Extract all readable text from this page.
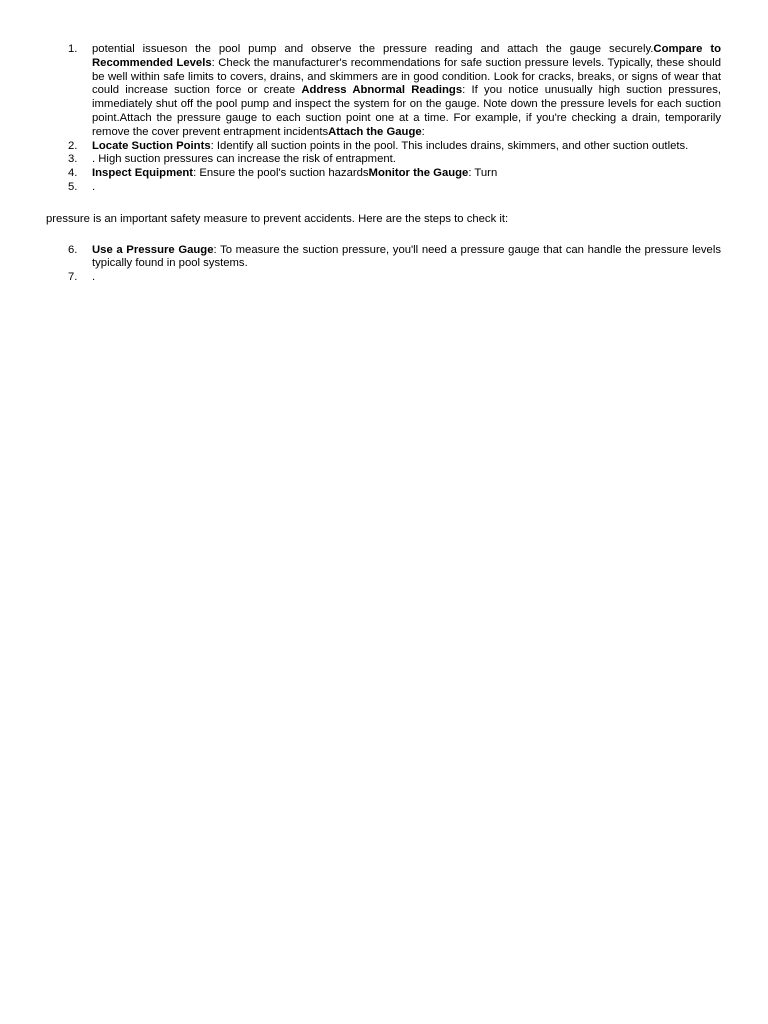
1. potential issueson the pool pump and observe the pressure reading and attach the gauge securely.Compare to Recommended Levels: Check the manufacturer's recommendations for safe suction pressure levels. Typically, these should be well within safe limits to covers, drains, and skimmers are in good condition. Look for cracks, breaks, or signs of wear that could increase suction force or create Address Abnormal Readings: If you notice unusually high suction pressures, immediately shut off the pool pump and inspect the system for on the gauge. Note down the pressure levels for each suction point.Attach the pressure gauge to each suction point one at a time. For example, if you're checking a drain, temporarily remove the cover prevent entrapment incidentsAttach the Gauge:
2. Locate Suction Points: Identify all suction points in the pool. This includes drains, skimmers, and other suction outlets.
3. . High suction pressures can increase the risk of entrapment.
4. Inspect Equipment: Ensure the pool's suction hazardsMonitor the Gauge: Turn
5. .

pressure is an important safety measure to prevent accidents. Here are the steps to check it:

6. Use a Pressure Gauge: To measure the suction pressure, you'll need a pressure gauge that can handle the pressure levels typically found in pool systems.
7. .
